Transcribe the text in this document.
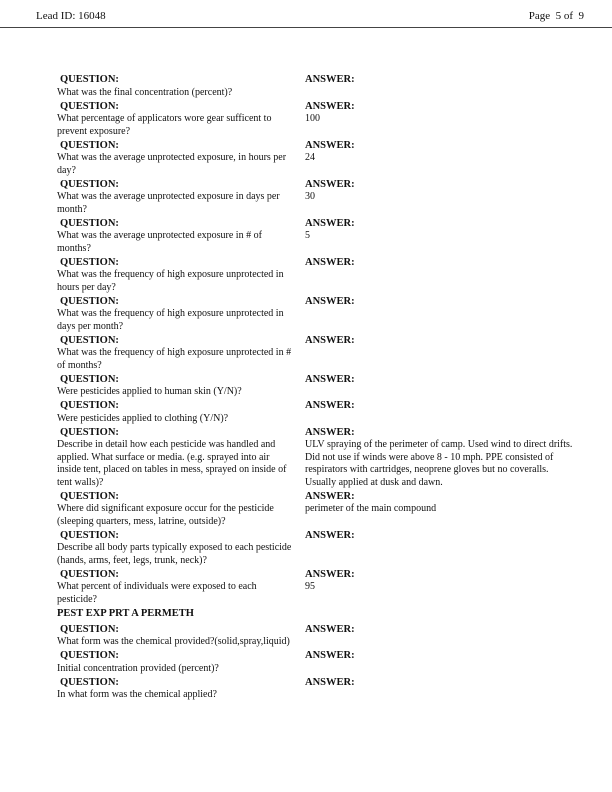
Lead ID: 16048	Page  5 of  9
QUESTION:
What was the final concentration (percent)?
ANSWER:
QUESTION:
What percentage of applicators wore gear sufficent to prevent exposure?
ANSWER:
100
QUESTION:
What was the average unprotected exposure, in hours per day?
ANSWER:
24
QUESTION:
What was the average unprotected exposure in days per month?
ANSWER:
30
QUESTION:
What was the average unprotected exposure in # of months?
ANSWER:
5
QUESTION:
What was the frequency of high exposure unprotected in hours per day?
ANSWER:
QUESTION:
What was the frequency of high exposure unprotected in days per month?
ANSWER:
QUESTION:
What was the frequency of high exposure unprotected in # of months?
ANSWER:
QUESTION:
Were pesticides applied to human skin (Y/N)?
ANSWER:
QUESTION:
Were pesticides applied to clothing (Y/N)?
ANSWER:
QUESTION:
Describe in detail how each pesticide was handled and applied. What surface or media. (e.g. sprayed into air inside tent, placed on tables in mess, sprayed on inside of tent walls)?
ANSWER:
ULV spraying of the perimeter of camp. Used wind to direct drifts. Did not use if winds were above 8 - 10 mph. PPE consisted of respirators with cartridges, neoprene gloves but no coveralls. Usually applied at dusk and dawn.
QUESTION:
Where did significant exposure occur for the pesticide (sleeping quarters, mess, latrine, outside)?
ANSWER:
perimeter of the main compound
QUESTION:
Describe all body parts typically exposed to each pesticide (hands, arms, feet, legs, trunk, neck)?
ANSWER:
QUESTION:
What percent of individuals were exposed to each pesticide?
ANSWER:
95
PEST EXP PRT A PERMETH
QUESTION:
What form was the chemical provided?(solid,spray,liquid)
ANSWER:
QUESTION:
Initial concentration provided (percent)?
ANSWER:
QUESTION:
In what form was the chemical applied?
ANSWER:
